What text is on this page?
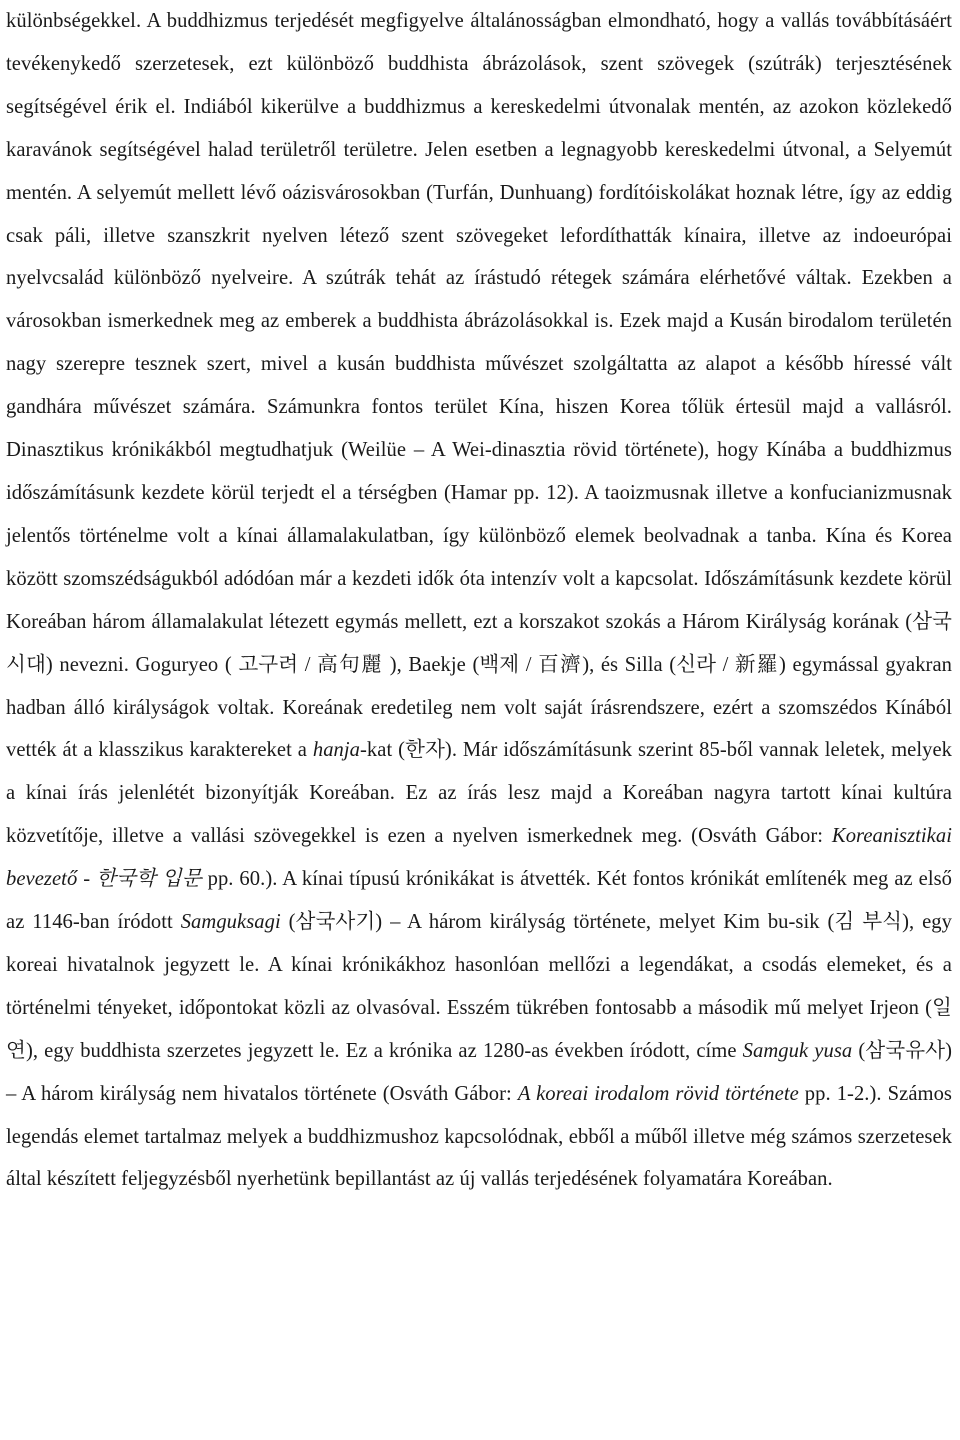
különbségekkel. A buddhizmus terjedését megfigyelve általánosságban elmondható, hogy a vallás továbbításáért tevékenykedő szerzetesek, ezt különböző buddhista ábrázolások, szent szövegek (szútrák) terjesztésének segítségével érik el. Indiából kikerülve a buddhizmus a kereskedelmi útvonalak mentén, az azokon közlekedő karavánok segítségével halad területről területre. Jelen esetben a legnagyobb kereskedelmi útvonal, a Selyemút mentén. A selyemút mellett lévő oázisvárosokban (Turfán, Dunhuang) fordítóiskolákat hoznak létre, így az eddig csak páli, illetve szanszkrit nyelven létező szent szövegeket lefordíthatták kínaira, illetve az indoeurópai nyelvcsalád különböző nyelveire. A szútrák tehát az írástudó rétegek számára elérhetővé váltak. Ezekben a városokban ismerkednek meg az emberek a buddhista ábrázolásokkal is. Ezek majd a Kusán birodalom területén nagy szerepre tesznek szert, mivel a kusán buddhista művészet szolgáltatta az alapot a később híressé vált gandhára művészet számára. Számunkra fontos terület Kína, hiszen Korea tőlük értesül majd a vallásról. Dinasztikus krónikákból megtudhatjuk (Weilüe – A Wei-dinasztia rövid története), hogy Kínába a buddhizmus időszámításunk kezdete körül terjedt el a térségben (Hamar pp. 12). A taoizmusnak illetve a konfucianizmusnak jelentős történelme volt a kínai államalakulatban, így különböző elemek beolvadnak a tanba. Kína és Korea között szomszédságukból adódóan már a kezdeti idők óta intenzív volt a kapcsolat. Időszámításunk kezdete körül Koreában három államalakulat létezett egymás mellett, ezt a korszakot szokás a Három Királyság korának (삼국시대) nevezni. Goguryeo ( 고구려 / 高句麗 ), Baekje (백제 / 百濟), és Silla (신라 / 新羅) egymással gyakran hadban álló királyságok voltak. Koreának eredetileg nem volt saját írásrendszere, ezért a szomszédos Kínából vették át a klasszikus karaktereket a hanja-kat (한자). Már időszámításunk szerint 85-ből vannak leletek, melyek a kínai írás jelenlétét bizonyítják Koreában. Ez az írás lesz majd a Koreában nagyra tartott kínai kultúra közvetítője, illetve a vallási szövegekkel is ezen a nyelven ismerkednek meg. (Osváth Gábor: Koreanisztikai bevezető - 한국학 입문 pp. 60.). A kínai típusú krónikákat is átvették. Két fontos krónikát említenék meg az első az 1146-ban íródott Samguksagi (삼국사기) – A három királyság története, melyet Kim bu-sik (김 부식), egy koreai hivatalnok jegyzett le. A kínai krónikákhoz hasonlóan mellőzi a legendákat, a csodás elemeket, és a történelmi tényeket, időpontokat közli az olvasóval. Esszém tükrében fontosabb a második mű melyet Irjeon (일연), egy buddhista szerzetes jegyzett le. Ez a krónika az 1280-as években íródott, címe Samguk yusa (삼국유사) – A három királyság nem hivatalos története (Osváth Gábor: A koreai irodalom rövid története pp. 1-2.). Számos legendás elemet tartalmaz melyek a buddhizmushoz kapcsolódnak, ebből a műből illetve még számos szerzetesek által készített feljegyzésből nyerhetünk bepillantást az új vallás terjedésének folyamatára Koreában.
